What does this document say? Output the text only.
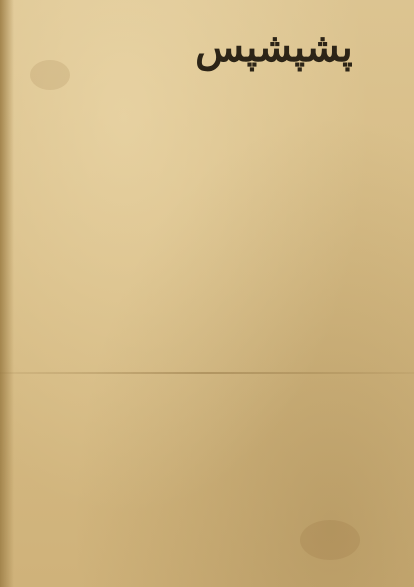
پشپشپس
